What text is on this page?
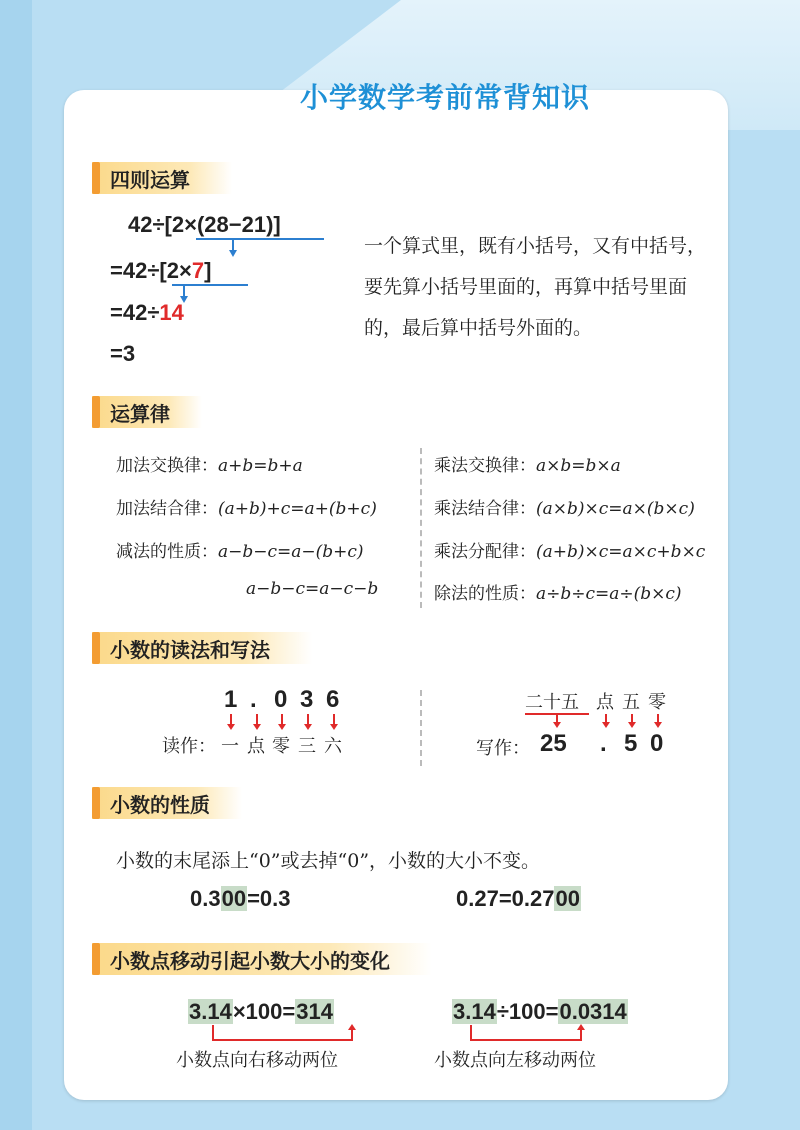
小学数学考前常背知识
四则运算
42÷[2×(28−21)]
=42÷[2×7]
=42÷14
=3
一个算式里，既有小括号，又有中括号，要先算小括号里面的，再算中括号里面的，最后算中括号外面的。
运算律
加法交换律：a+b=b+a
加法结合律：(a+b)+c=a+(b+c)
减法的性质：a−b−c=a−(b+c)
a−b−c=a−c−b
乘法交换律：a×b=b×a
乘法结合律：(a×b)×c=a×(b×c)
乘法分配律：(a+b)×c=a×c+b×c
除法的性质：a÷b÷c=a÷(b×c)
小数的读法和写法
1 . 0 3 6
读作： 一 点 零 三 六
二十五 点 五 零
写作： 25 . 5 0
小数的性质
小数的末尾添上“0”或去掉“0”，小数的大小不变。
0.300=0.3	0.27=0.2700
小数点移动引起小数大小的变化
3.14×100=314
小数点向右移动两位
3.14÷100=0.0314
小数点向左移动两位
